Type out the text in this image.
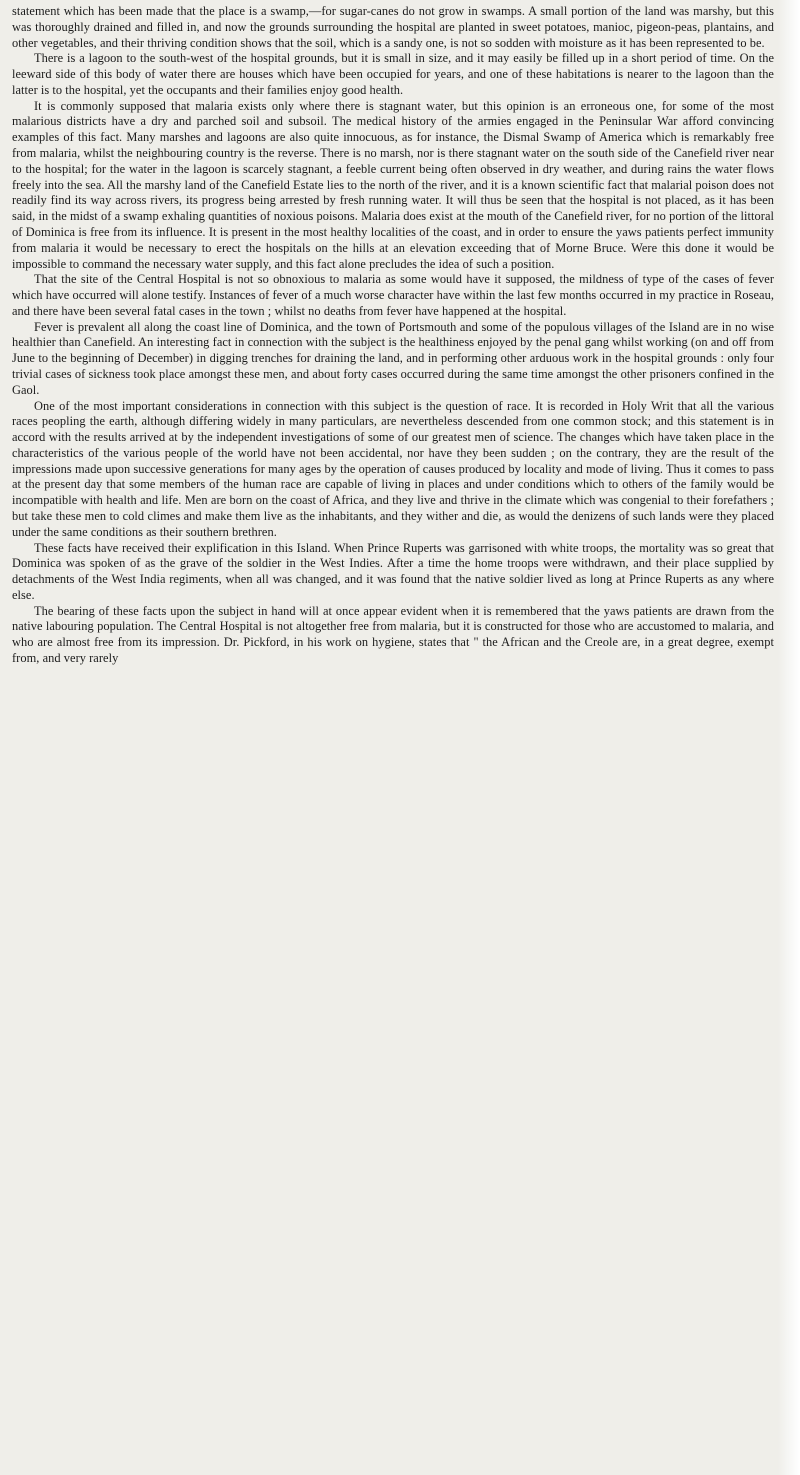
statement which has been made that the place is a swamp,—for sugar-canes do not grow in swamps. A small portion of the land was marshy, but this was thoroughly drained and filled in, and now the grounds surrounding the hospital are planted in sweet potatoes, manioc, pigeon-peas, plantains, and other vegetables, and their thriving condition shows that the soil, which is a sandy one, is not so sodden with moisture as it has been represented to be.

There is a lagoon to the south-west of the hospital grounds, but it is small in size, and it may easily be filled up in a short period of time. On the leeward side of this body of water there are houses which have been occupied for years, and one of these habitations is nearer to the lagoon than the latter is to the hospital, yet the occupants and their families enjoy good health.

It is commonly supposed that malaria exists only where there is stagnant water, but this opinion is an erroneous one, for some of the most malarious districts have a dry and parched soil and subsoil. The medical history of the armies engaged in the Peninsular War afford convincing examples of this fact. Many marshes and lagoons are also quite innocuous, as for instance, the Dismal Swamp of America which is remarkably free from malaria, whilst the neighbouring country is the reverse. There is no marsh, nor is there stagnant water on the south side of the Canefield river near to the hospital; for the water in the lagoon is scarcely stagnant, a feeble current being often observed in dry weather, and during rains the water flows freely into the sea. All the marshy land of the Canefield Estate lies to the north of the river, and it is a known scientific fact that malarial poison does not readily find its way across rivers, its progress being arrested by fresh running water. It will thus be seen that the hospital is not placed, as it has been said, in the midst of a swamp exhaling quantities of noxious poisons. Malaria does exist at the mouth of the Canefield river, for no portion of the littoral of Dominica is free from its influence. It is present in the most healthy localities of the coast, and in order to ensure the yaws patients perfect immunity from malaria it would be necessary to erect the hospitals on the hills at an elevation exceeding that of Morne Bruce. Were this done it would be impossible to command the necessary water supply, and this fact alone precludes the idea of such a position.

That the site of the Central Hospital is not so obnoxious to malaria as some would have it supposed, the mildness of type of the cases of fever which have occurred will alone testify. Instances of fever of a much worse character have within the last few months occurred in my practice in Roseau, and there have been several fatal cases in the town ; whilst no deaths from fever have happened at the hospital.

Fever is prevalent all along the coast line of Dominica, and the town of Portsmouth and some of the populous villages of the Island are in no wise healthier than Canefield. An interesting fact in connection with the subject is the healthiness enjoyed by the penal gang whilst working (on and off from June to the beginning of December) in digging trenches for draining the land, and in performing other arduous work in the hospital grounds : only four trivial cases of sickness took place amongst these men, and about forty cases occurred during the same time amongst the other prisoners confined in the Gaol.

One of the most important considerations in connection with this subject is the question of race. It is recorded in Holy Writ that all the various races peopling the earth, although differing widely in many particulars, are nevertheless descended from one common stock; and this statement is in accord with the results arrived at by the independent investigations of some of our greatest men of science. The changes which have taken place in the characteristics of the various people of the world have not been accidental, nor have they been sudden ; on the contrary, they are the result of the impressions made upon successive generations for many ages by the operation of causes produced by locality and mode of living. Thus it comes to pass at the present day that some members of the human race are capable of living in places and under conditions which to others of the family would be incompatible with health and life. Men are born on the coast of Africa, and they live and thrive in the climate which was congenial to their forefathers ; but take these men to cold climes and make them live as the inhabitants, and they wither and die, as would the denizens of such lands were they placed under the same conditions as their southern brethren.

These facts have received their explification in this Island. When Prince Ruperts was garrisoned with white troops, the mortality was so great that Dominica was spoken of as the grave of the soldier in the West Indies. After a time the home troops were withdrawn, and their place supplied by detachments of the West India regiments, when all was changed, and it was found that the native soldier lived as long at Prince Ruperts as any where else.

The bearing of these facts upon the subject in hand will at once appear evident when it is remembered that the yaws patients are drawn from the native labouring population. The Central Hospital is not altogether free from malaria, but it is constructed for those who are accustomed to malaria, and who are almost free from its impression. Dr. Pickford, in his work on hygiene, states that " the African and the Creole are, in a great degree, exempt from, and very rarely
